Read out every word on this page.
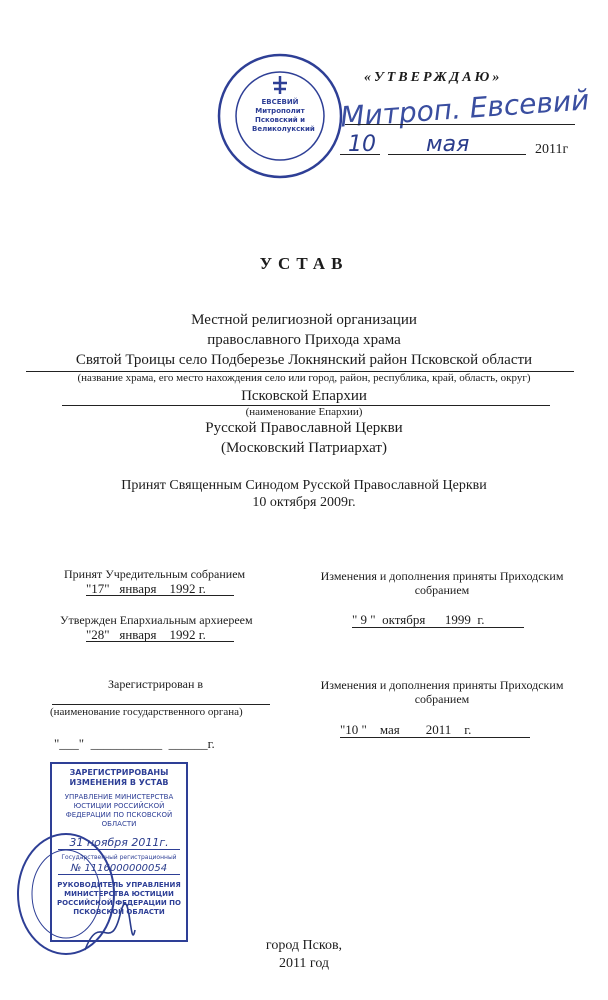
ЕВСЕВИЙ
Митрополит
Псковский и
Великолукский
«УТВЕРЖДАЮ»
Митроп. Евсевий
10 мая	2011г
УСТАВ
Местной религиозной организации
православного Прихода храма
Святой Троицы село Подберезье Локнянский район Псковской области
(название храма, его место нахождения село или город, район, республика, край, область, округ)
Псковской Епархии
(наименование Епархии)
Русской Православной Церкви
(Московский Патриархат)
Принят Священным Синодом Русской Православной Церкви
10 октября 2009г.
Принят Учредительным собранием
"17"   января    1992 г.
Утвержден Епархиальным архиереем
"28"   января    1992 г.
Зарегистрирован в
(наименование государственного органа)
"___"  ___________  ______г.
Изменения и дополнения приняты Приходским собранием
" 9 "  октября      1999  г.
Изменения и дополнения приняты Приходским собранием
"10 "    мая        2011    г.
ЗАРЕГИСТРИРОВАНЫ ИЗМЕНЕНИЯ В УСТАВ
УПРАВЛЕНИЕ МИНИСТЕРСТВА ЮСТИЦИИ РОССИЙСКОЙ ФЕДЕРАЦИИ ПО ПСКОВСКОЙ ОБЛАСТИ
31 ноября 2011г.
Государственный регистрационный
№ 1116000000054
РУКОВОДИТЕЛЬ УПРАВЛЕНИЯ МИНИСТЕРСТВА ЮСТИЦИИ РОССИЙСКОЙ ФЕДЕРАЦИИ ПО ПСКОВСКОЙ ОБЛАСТИ
город Псков,
2011 год
